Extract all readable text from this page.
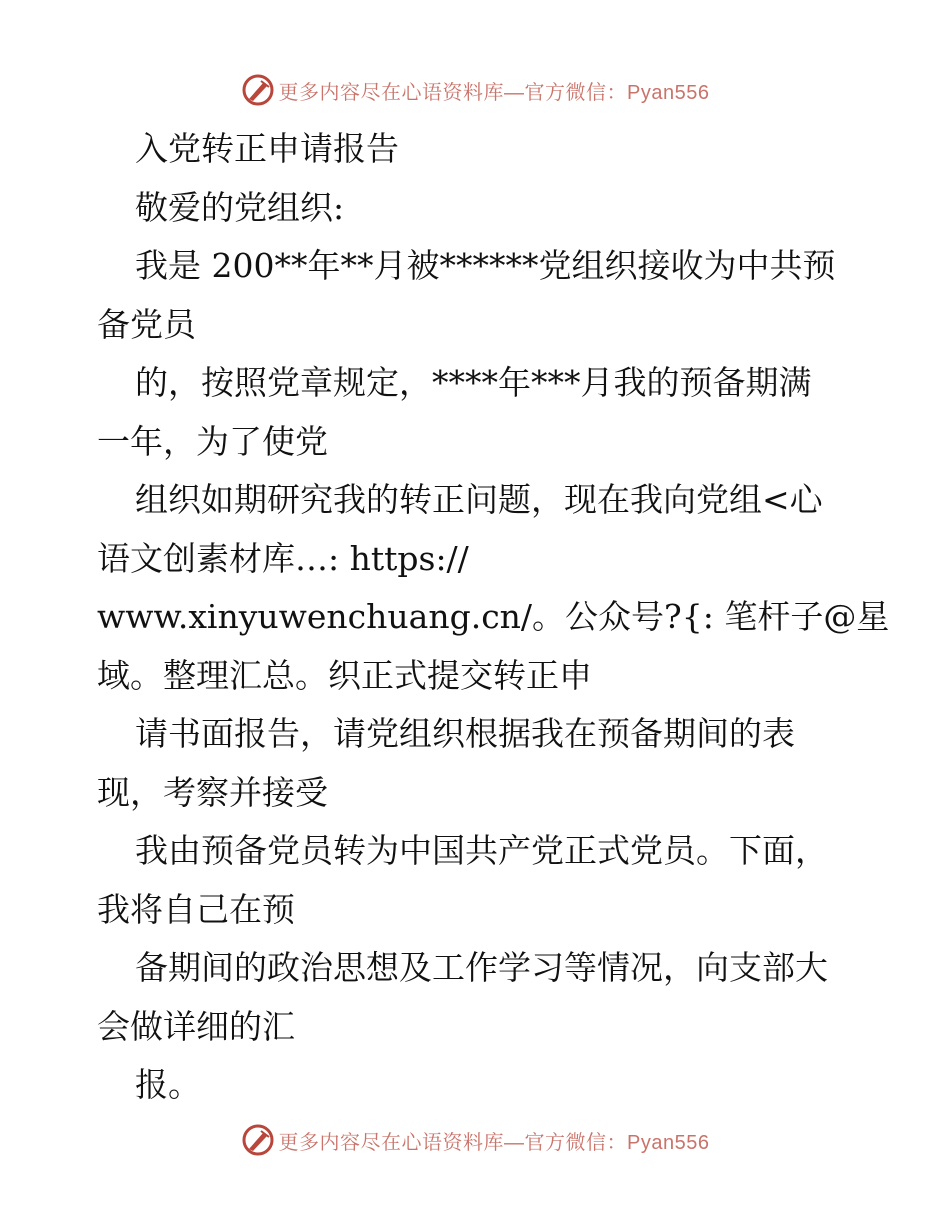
更多内容尽在心语资料库—官方微信：Pyan556
入党转正申请报告
敬爱的党组织:
我是 200**年**月被******党组织接收为中共预
备党员
的，按照党章规定，****年***月我的预备期满
一年，为了使党
组织如期研究我的转正问题，现在我向党组<心
语文创素材库…: https://
www.xinyuwenchuang.cn/。公众号?{: 笔杆子@星
域。整理汇总。织正式提交转正申
请书面报告，请党组织根据我在预备期间的表
现，考察并接受
我由预备党员转为中国共产党正式党员。下面，
我将自己在预
备期间的政治思想及工作学习等情况，向支部大
会做详细的汇
报。
更多内容尽在心语资料库—官方微信：Pyan556
